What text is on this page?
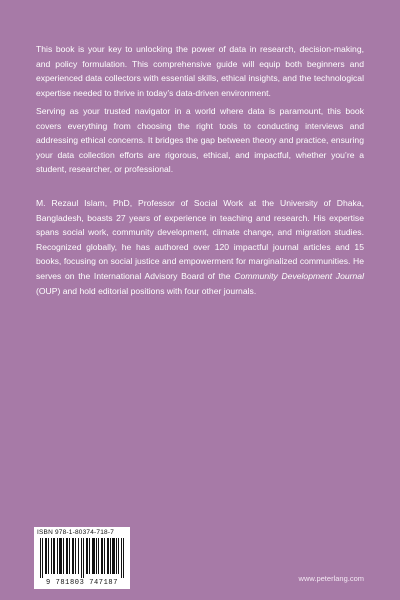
This book is your key to unlocking the power of data in research, decision-making, and policy formulation. This comprehensive guide will equip both beginners and experienced data collectors with essential skills, ethical insights, and the technological expertise needed to thrive in today’s data-driven environment.

Serving as your trusted navigator in a world where data is paramount, this book covers everything from choosing the right tools to conducting interviews and addressing ethical concerns. It bridges the gap between theory and practice, ensuring your data collection efforts are rigorous, ethical, and impactful, whether you’re a student, researcher, or professional.

M. Rezaul Islam, PhD, Professor of Social Work at the University of Dhaka, Bangladesh, boasts 27 years of experience in teaching and research. His expertise spans social work, community development, climate change, and migration studies. Recognized globally, he has authored over 120 impactful journal articles and 15 books, focusing on social justice and empowerment for marginalized communities. He serves on the International Advisory Board of the Community Development Journal (OUP) and hold editorial positions with four other journals.

ISBN 978-1-80374-718-7
9 781803 747187	www.peterlang.com
